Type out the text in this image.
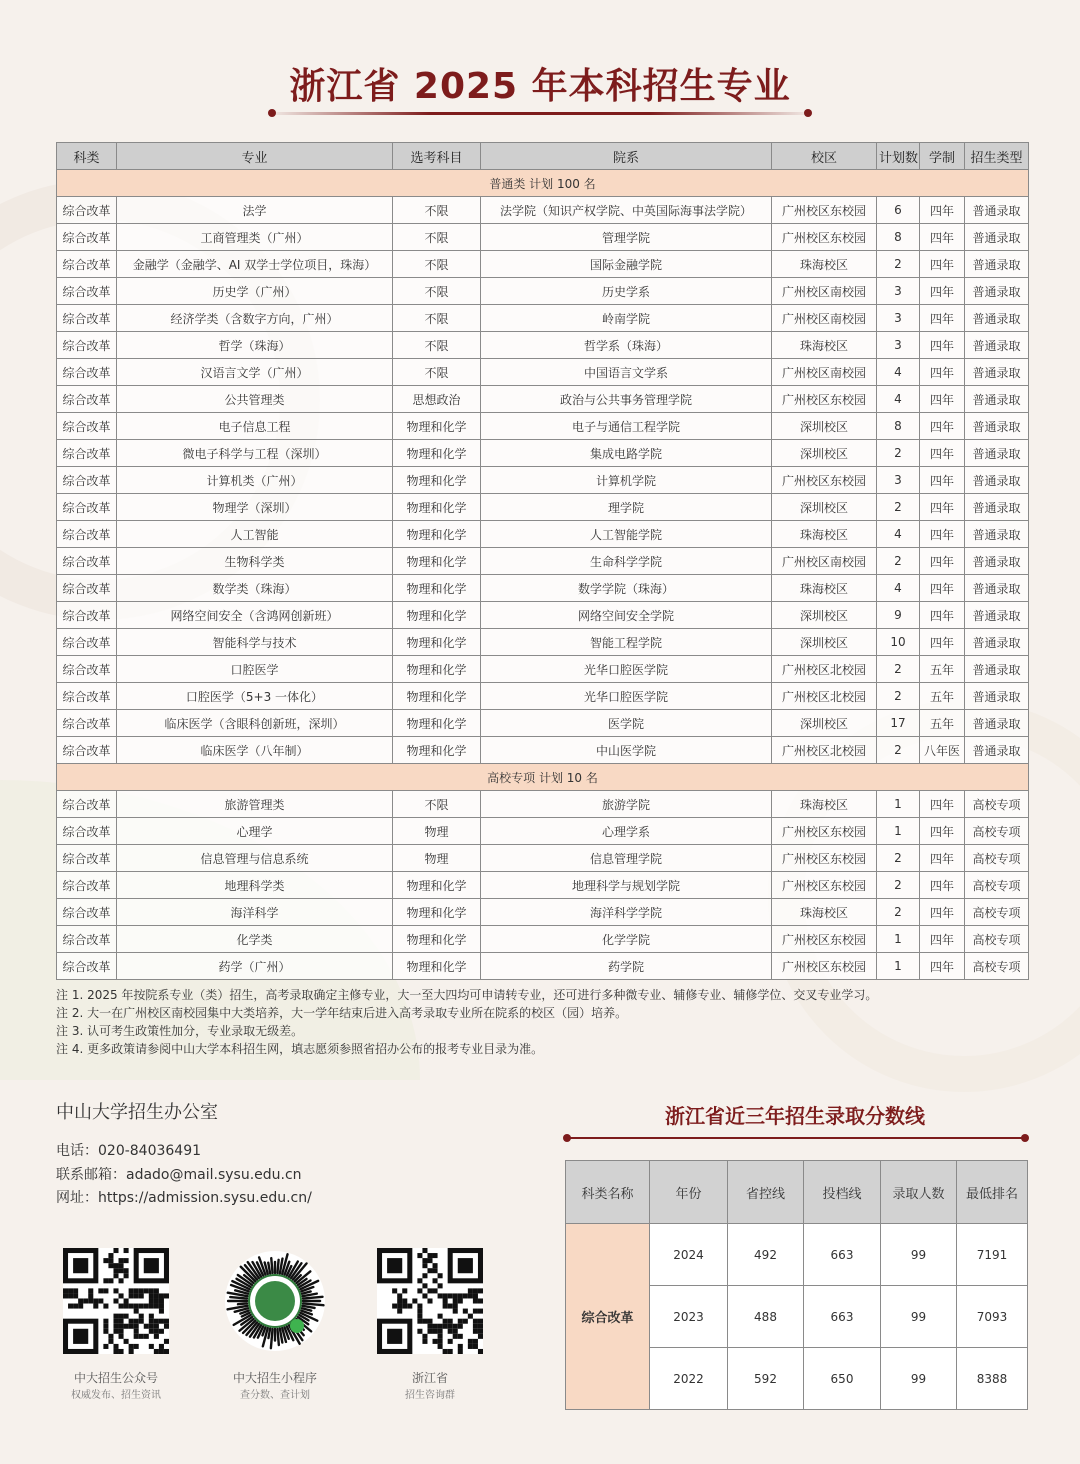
浙江省 2025 年本科招生专业
科类	专业	选考科目	院系	校区	计划数	学制	招生类型
普通类 计划 100 名							
综合改革	法学	不限	法学院（知识产权学院、中英国际海事法学院）	广州校区东校园	6	四年	普通录取
综合改革	工商管理类（广州）	不限	管理学院	广州校区东校园	8	四年	普通录取
综合改革	金融学（金融学、AI 双学士学位项目，珠海）	不限	国际金融学院	珠海校区	2	四年	普通录取
综合改革	历史学（广州）	不限	历史学系	广州校区南校园	3	四年	普通录取
综合改革	经济学类（含数字方向，广州）	不限	岭南学院	广州校区南校园	3	四年	普通录取
综合改革	哲学（珠海）	不限	哲学系（珠海）	珠海校区	3	四年	普通录取
综合改革	汉语言文学（广州）	不限	中国语言文学系	广州校区南校园	4	四年	普通录取
综合改革	公共管理类	思想政治	政治与公共事务管理学院	广州校区东校园	4	四年	普通录取
综合改革	电子信息工程	物理和化学	电子与通信工程学院	深圳校区	8	四年	普通录取
综合改革	微电子科学与工程（深圳）	物理和化学	集成电路学院	深圳校区	2	四年	普通录取
综合改革	计算机类（广州）	物理和化学	计算机学院	广州校区东校园	3	四年	普通录取
综合改革	物理学（深圳）	物理和化学	理学院	深圳校区	2	四年	普通录取
综合改革	人工智能	物理和化学	人工智能学院	珠海校区	4	四年	普通录取
综合改革	生物科学类	物理和化学	生命科学学院	广州校区南校园	2	四年	普通录取
综合改革	数学类（珠海）	物理和化学	数学学院（珠海）	珠海校区	4	四年	普通录取
综合改革	网络空间安全（含鸿网创新班）	物理和化学	网络空间安全学院	深圳校区	9	四年	普通录取
综合改革	智能科学与技术	物理和化学	智能工程学院	深圳校区	10	四年	普通录取
综合改革	口腔医学	物理和化学	光华口腔医学院	广州校区北校园	2	五年	普通录取
综合改革	口腔医学（5+3 一体化）	物理和化学	光华口腔医学院	广州校区北校园	2	五年	普通录取
综合改革	临床医学（含眼科创新班，深圳）	物理和化学	医学院	深圳校区	17	五年	普通录取
综合改革	临床医学（八年制）	物理和化学	中山医学院	广州校区北校园	2	八年医	普通录取
高校专项 计划 10 名							
综合改革	旅游管理类	不限	旅游学院	珠海校区	1	四年	高校专项
综合改革	心理学	物理	心理学系	广州校区东校园	1	四年	高校专项
综合改革	信息管理与信息系统	物理	信息管理学院	广州校区东校园	2	四年	高校专项
综合改革	地理科学类	物理和化学	地理科学与规划学院	广州校区东校园	2	四年	高校专项
综合改革	海洋科学	物理和化学	海洋科学学院	珠海校区	2	四年	高校专项
综合改革	化学类	物理和化学	化学学院	广州校区东校园	1	四年	高校专项
综合改革	药学（广州）	物理和化学	药学院	广州校区东校园	1	四年	高校专项
注 1. 2025 年按院系专业（类）招生，高考录取确定主修专业，大一至大四均可申请转专业，还可进行多种微专业、辅修专业、辅修学位、交叉专业学习。
注 2. 大一在广州校区南校园集中大类培养，大一学年结束后进入高考录取专业所在院系的校区（园）培养。
注 3. 认可考生政策性加分，专业录取无级差。
注 4. 更多政策请参阅中山大学本科招生网，填志愿须参照省招办公布的报考专业目录为准。
中山大学招生办公室
电话：020-84036491
联系邮箱：adado@mail.sysu.edu.cn
网址：https://admission.sysu.edu.cn/
中大招生公众号
权威发布、招生资讯
中大招生小程序
查分数、查计划
浙江省
招生咨询群
浙江省近三年招生录取分数线
科类名称	年份	省控线	投档线	录取人数	最低排名
综合改革	2024	492	663	99	7191
	2023	488	663	99	7093
	2022	592	650	99	8388
